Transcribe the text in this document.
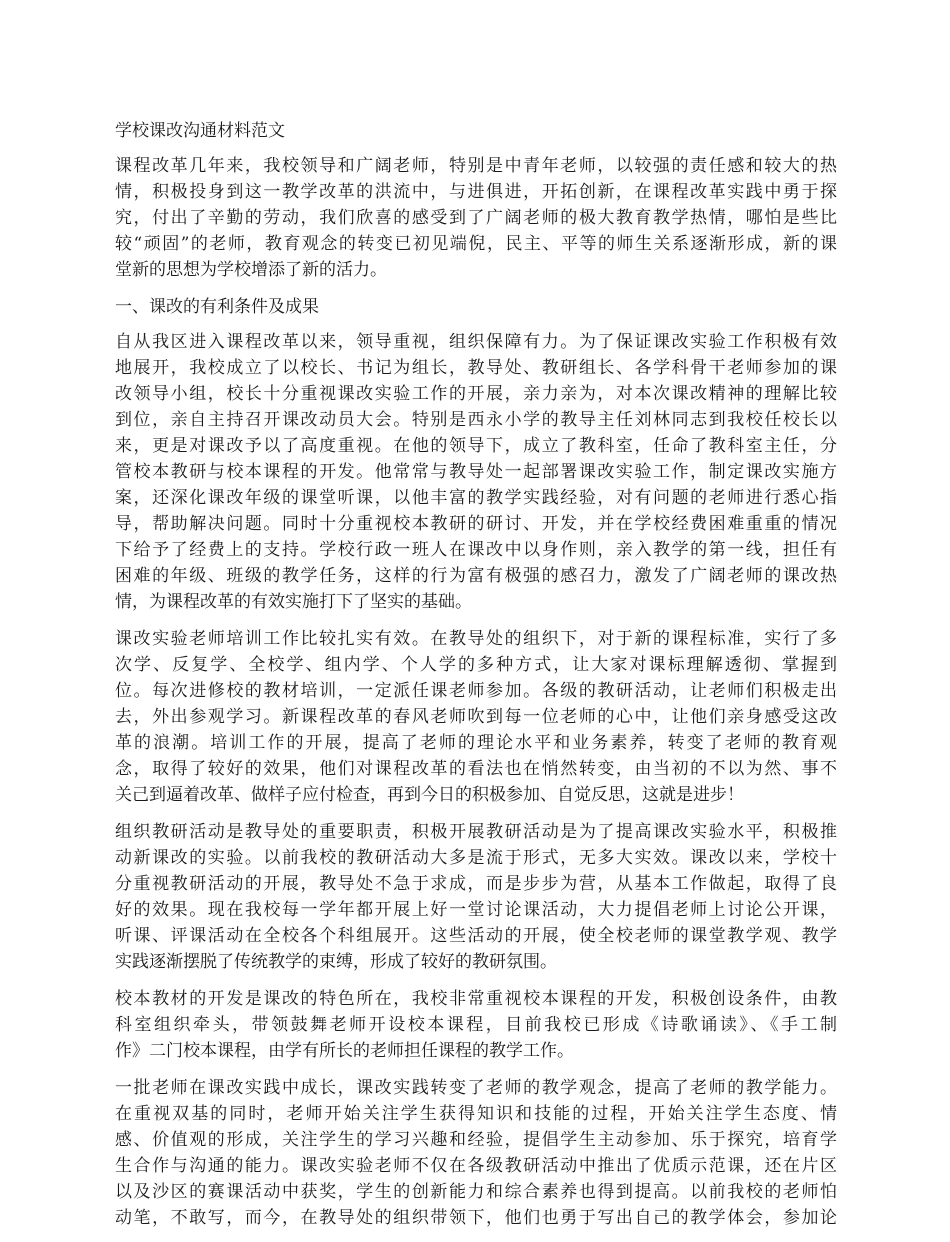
学校课改沟通材料范文
课程改革几年来，我校领导和广阔老师，特别是中青年老师，以较强的责任感和较大的热
情，积极投身到这一教学改革的洪流中，与进俱进，开拓创新，在课程改革实践中勇于探
究，付出了辛勤的劳动，我们欣喜的感受到了广阔老师的极大教育教学热情，哪怕是些比
较“顽固”的老师，教育观念的转变已初见端倪，民主、平等的师生关系逐渐形成，新的课
堂新的思想为学校增添了新的活力。
一、课改的有利条件及成果
自从我区进入课程改革以来，领导重视，组织保障有力。为了保证课改实验工作积极有效
地展开，我校成立了以校长、书记为组长，教导处、教研组长、各学科骨干老师参加的课
改领导小组，校长十分重视课改实验工作的开展，亲力亲为，对本次课改精神的理解比较
到位，亲自主持召开课改动员大会。特别是西永小学的教导主任刘林同志到我校任校长以
来，更是对课改予以了高度重视。在他的领导下，成立了教科室，任命了教科室主任，分
管校本教研与校本课程的开发。他常常与教导处一起部署课改实验工作，制定课改实施方
案，还深化课改年级的课堂听课，以他丰富的教学实践经验，对有问题的老师进行悉心指
导，帮助解决问题。同时十分重视校本教研的研讨、开发，并在学校经费困难重重的情况
下给予了经费上的支持。学校行政一班人在课改中以身作则，亲入教学的第一线，担任有
困难的年级、班级的教学任务，这样的行为富有极强的感召力，激发了广阔老师的课改热
情，为课程改革的有效实施打下了坚实的基础。
课改实验老师培训工作比较扎实有效。在教导处的组织下，对于新的课程标准，实行了多
次学、反复学、全校学、组内学、个人学的多种方式，让大家对课标理解透彻、掌握到
位。每次进修校的教材培训，一定派任课老师参加。各级的教研活动，让老师们积极走出
去，外出参观学习。新课程改革的春风老师吹到每一位老师的心中，让他们亲身感受这改
革的浪潮。培训工作的开展，提高了老师的理论水平和业务素养，转变了老师的教育观
念，取得了较好的效果，他们对课程改革的看法也在悄然转变，由当初的不以为然、事不
关己到逼着改革、做样子应付检查，再到今日的积极参加、自觉反思，这就是进步！
组织教研活动是教导处的重要职责，积极开展教研活动是为了提高课改实验水平，积极推
动新课改的实验。以前我校的教研活动大多是流于形式，无多大实效。课改以来，学校十
分重视教研活动的开展，教导处不急于求成，而是步步为营，从基本工作做起，取得了良
好的效果。现在我校每一学年都开展上好一堂讨论课活动，大力提倡老师上讨论公开课，
听课、评课活动在全校各个科组展开。这些活动的开展，使全校老师的课堂教学观、教学
实践逐渐摆脱了传统教学的束缚，形成了较好的教研氛围。
校本教材的开发是课改的特色所在，我校非常重视校本课程的开发，积极创设条件，由教
科室组织牵头，带领鼓舞老师开设校本课程，目前我校已形成《诗歌诵读》、《手工制
作》二门校本课程，由学有所长的老师担任课程的教学工作。
一批老师在课改实践中成长，课改实践转变了老师的教学观念，提高了老师的教学能力。
在重视双基的同时，老师开始关注学生获得知识和技能的过程，开始关注学生态度、情
感、价值观的形成，关注学生的学习兴趣和经验，提倡学生主动参加、乐于探究，培育学
生合作与沟通的能力。课改实验老师不仅在各级教研活动中推出了优质示范课，还在片区
以及沙区的赛课活动中获奖，学生的创新能力和综合素养也得到提高。以前我校的老师怕
动笔，不敢写，而今，在教导处的组织带领下，他们也勇于写出自己的教学体会，参加论
